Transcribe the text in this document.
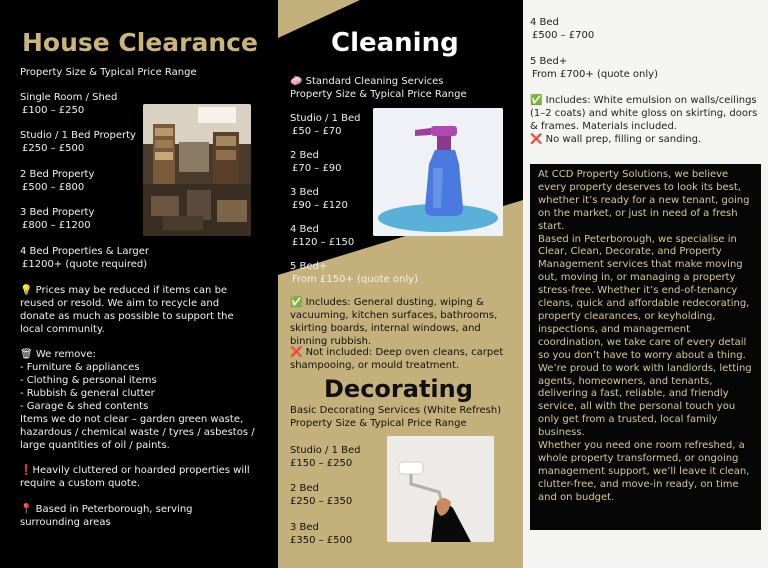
House Clearance
Property Size & Typical Price Range
Single Room / Shed
£100 – £250
Studio / 1 Bed Property
£250 – £500
2 Bed Property
£500 – £800
3 Bed Property
£800 – £1200
4 Bed Properties & Larger
£1200+ (quote required)
💡 Prices may be reduced if items can be reused or resold. We aim to recycle and donate as much as possible to support the local community.
🗑 We remove:
- Furniture & appliances
- Clothing & personal items
- Rubbish & general clutter
- Garage & shed contents
Items we do not clear – garden green waste, hazardous / chemical waste / tyres / asbestos / large quantities of oil / paints.
❗Heavily cluttered or hoarded properties will require a custom quote.
📍 Based in Peterborough, serving surrounding areas
Cleaning
🧼 Standard Cleaning Services
Property Size & Typical Price Range
Studio / 1 Bed
£50 – £70
2 Bed
£70 – £90
3 Bed
£90 – £120
4 Bed
£120 – £150
5 Bed+
From £150+ (quote only)
✅ Includes: General dusting, wiping & vacuuming, kitchen surfaces, bathrooms, skirting boards, internal windows, and binning rubbish.
❌ Not included: Deep oven cleans, carpet shampooing, or mould treatment.
Decorating
Basic Decorating Services (White Refresh)
Property Size & Typical Price Range
Studio / 1 Bed
£150 – £250
2 Bed
£250 – £350
3 Bed
£350 – £500
4 Bed
£500 – £700
5 Bed+
From £700+ (quote only)
✅ Includes: White emulsion on walls/ceilings (1–2 coats) and white gloss on skirting, doors & frames. Materials included.
❌ No wall prep, filling or sanding.
At CCD Property Solutions, we believe every property deserves to look its best, whether it’s ready for a new tenant, going on the market, or just in need of a fresh start.
Based in Peterborough, we specialise in Clear, Clean, Decorate, and Property Management services that make moving out, moving in, or managing a property stress-free. Whether it’s end-of-tenancy cleans, quick and affordable redecorating, property clearances, or keyholding, inspections, and management coordination, we take care of every detail so you don’t have to worry about a thing.
We’re proud to work with landlords, letting agents, homeowners, and tenants, delivering a fast, reliable, and friendly service, all with the personal touch you only get from a trusted, local family business.
Whether you need one room refreshed, a whole property transformed, or ongoing management support, we’ll leave it clean, clutter-free, and move-in ready, on time and on budget.
